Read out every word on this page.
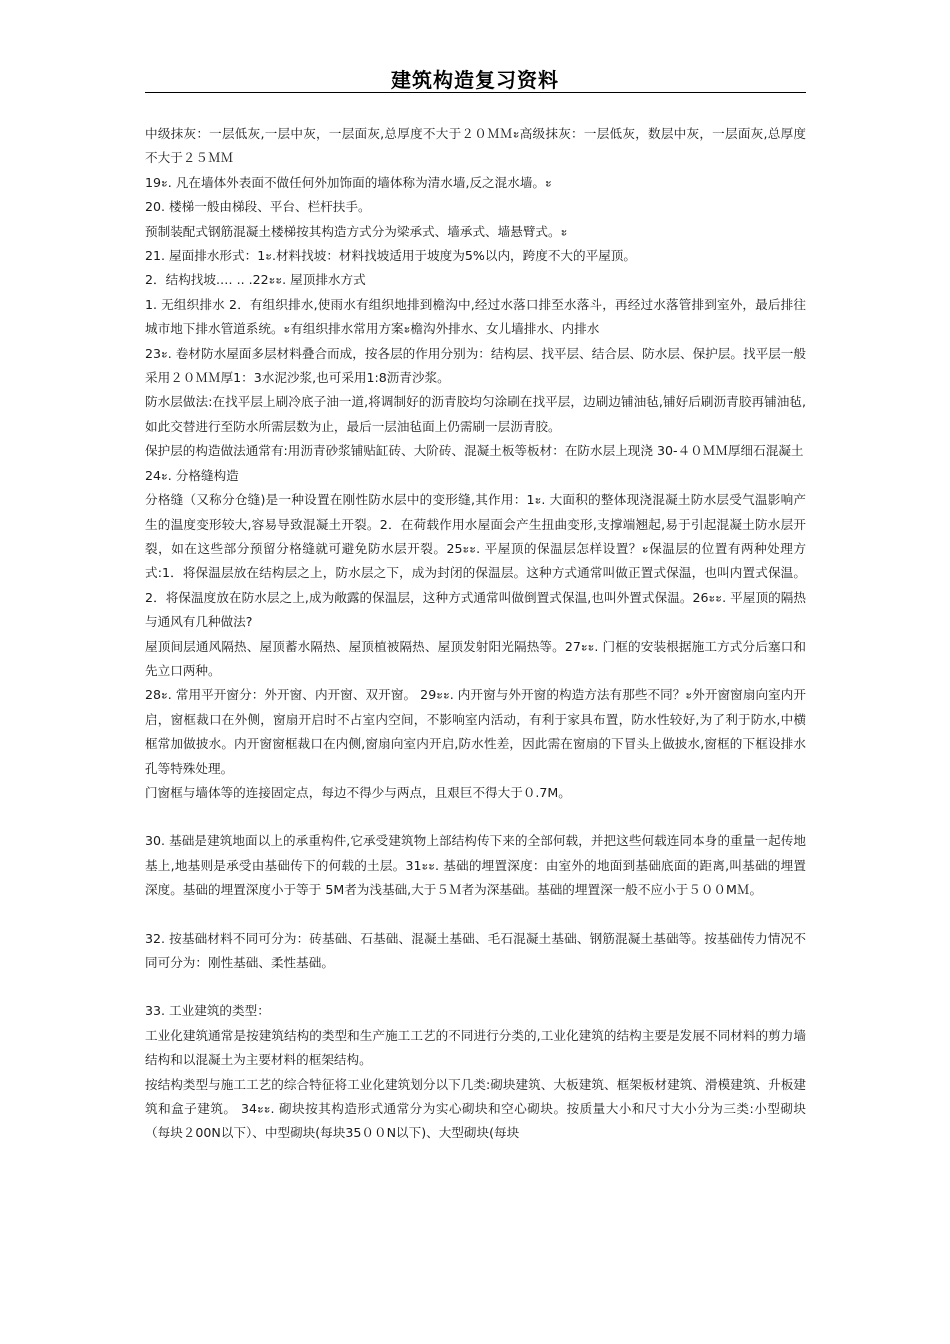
建筑构造复习资料

中级抹灰：一层低灰,一层中灰，一层面灰,总厚度不大于２０ＭＭะ高级抹灰：一层低灰，数层中灰，一层面灰,总厚度不大于２５ＭＭ

19ะ. 凡在墙体外表面不做任何外加饰面的墙体称为清水墙,反之混水墙。ะ

20. 楼梯一般由梯段、平台、栏杆扶手。

预制装配式钢筋混凝土楼梯按其构造方式分为梁承式、墙承式、墙悬臂式。ะ

21. 屋面排水形式：1ะ.材料找坡：材料找坡适用于坡度为5%以内，跨度不大的平屋顶。

2．结构找坡.… .. .22ะะ. 屋顶排水方式

1. 无组织排水 2．有组织排水,使雨水有组织地排到檐沟中,经过水落口排至水落斗，再经过水落管排到室外，最后排往城市地下排水管道系统。ะ有组织排水常用方案ะ檐沟外排水、女儿墙排水、内排水

23ะ. 卷材防水屋面多层材料叠合而成，按各层的作用分别为：结构层、找平层、结合层、防水层、保护层。找平层一般采用２０ＭＭ厚1：3水泥沙浆,也可采用1:8沥青沙浆。

防水层做法:在找平层上刷冷底子油一道,将调制好的沥青胶均匀涂刷在找平层，边刷边铺油毡,铺好后刷沥青胶再铺油毡,如此交替进行至防水所需层数为止，最后一层油毡面上仍需刷一层沥青胶。

保护层的构造做法通常有:用沥青砂浆铺贴缸砖、大阶砖、混凝土板等板材：在防水层上现浇 30-４０ＭＭ厚细石混凝土

24ะ. 分格缝构造

分格缝（又称分仓缝)是一种设置在刚性防水层中的变形缝,其作用：1ะ. 大面积的整体现浇混凝土防水层受气温影响产生的温度变形较大,容易导致混凝土开裂。2．在荷载作用水屋面会产生扭曲变形,支撑端翘起,易于引起混凝土防水层开裂，如在这些部分预留分格缝就可避免防水层开裂。25ะะ. 平屋顶的保温层怎样设置？ะ保温层的位置有两种处理方式:1．将保温层放在结构层之上，防水层之下，成为封闭的保温层。这种方式通常叫做正置式保温，也叫内置式保温。2．将保温度放在防水层之上,成为敞露的保温层，这种方式通常叫做倒置式保温,也叫外置式保温。26ะะ. 平屋顶的隔热与通风有几种做法?

屋顶间层通风隔热、屋顶蓄水隔热、屋顶植被隔热、屋顶发射阳光隔热等。27ะะ. 门框的安装根据施工方式分后塞口和先立口两种。

28ะ. 常用平开窗分：外开窗、内开窗、双开窗。 29ะะ. 内开窗与外开窗的构造方法有那些不同？ะ外开窗窗扇向室内开启，窗框裁口在外侧，窗扇开启时不占室内空间，不影响室内活动，有利于家具布置，防水性较好,为了利于防水,中横框常加做披水。内开窗窗框裁口在内侧,窗扇向室内开启,防水性差，因此需在窗扇的下冒头上做披水,窗框的下框设排水孔等特殊处理。

门窗框与墙体等的连接固定点，每边不得少与两点，且艰巨不得大于０.7M。

30. 基础是建筑地面以上的承重构件,它承受建筑物上部结构传下来的全部何载，并把这些何载连同本身的重量一起传地基上,地基则是承受由基础传下的何载的土层。31ะะ. 基础的埋置深度：由室外的地面到基础底面的距离,叫基础的埋置深度。基础的埋置深度小于等于 5M者为浅基础,大于５Ｍ者为深基础。基础的埋置深一般不应小于５００MＭ。

32. 按基础材料不同可分为：砖基础、石基础、混凝土基础、毛石混凝土基础、钢筋混凝土基础等。按基础传力情况不同可分为：刚性基础、柔性基础。

33. 工业建筑的类型：

工业化建筑通常是按建筑结构的类型和生产施工工艺的不同进行分类的,工业化建筑的结构主要是发展不同材料的剪力墙结构和以混凝土为主要材料的框架结构。

按结构类型与施工工艺的综合特征将工业化建筑划分以下几类:砌块建筑、大板建筑、框架板材建筑、滑模建筑、升板建筑和盒子建筑。 34ะะ. 砌块按其构造形式通常分为实心砌块和空心砌块。按质量大小和尺寸大小分为三类:小型砌块（每块２00N以下）、中型砌块(每块35００N以下)、大型砌块(每块
